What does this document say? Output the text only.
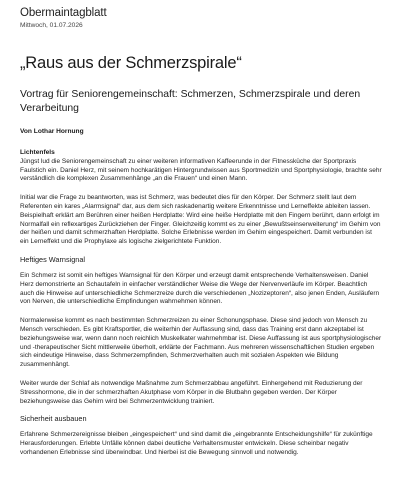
Obermaintagblatt
Mittwoch, 01.07.2026
„Raus aus der Schmerzspirale“
Vortrag für Seniorengemeinschaft: Schmerzen, Schmerzspirale und deren Verarbeitung
Von Lothar Hornung
Lichtenfels

Jüngst lud die Seniorengemeinschaft zu einer weiteren informativen Kaffeerunde in der Fitnessküche der Sportpraxis Faulstich ein. Daniel Herz, mit seinem hochkarätigen Hintergrundwissen aus Sportmedizin und Sportphysiologie, brachte sehr verständlich die komplexen Zusammenhänge „an die Frauen“ und einen Mann.

Initial war die Frage zu beantworten, was ist Schmerz, was bedeutet dies für den Körper. Der Schmerz stellt laut dem Referenten ein kares „Alarmsignal“ dar, aus dem sich raskadenartig weitere Erkenntnisse und Lerneffekte ableiten lassen. Beispielhaft erklärt am Berühren einer heißen Herdplatte: Wird eine heiße Herdplatte mit den Fingern berührt, dann erfolgt im Normalfall ein reflexartiges Zurückziehen der Finger. Gleichzeitig kommt es zu einer „Bewußtseinserweiterung“ im Gehirn von der heißen und damit schmerzhaften Herdplatte. Solche Erlebnisse werden im Gehirn eingespeichert. Damit verbunden ist ein Lerneffekt und die Prophylaxe als logische zielgerichtete Funktion.

Heftiges Warnsignal

Ein Schmerz ist somit ein heftiges Warnsignal für den Körper und erzeugt damit entsprechende Verhaltensweisen. Daniel Herz demonstrierte an Schautafeln in einfacher verständlicher Weise die Wege der Nervenverläufe im Körper. Beachtlich auch die Hinweise auf unterschiedliche Schmerzreize durch die verschiedenen „Nozizeptoren“, also jenen Enden, Ausläufern von Nerven, die unterschiedliche Empfindungen wahrnehmen können.

Normalerweise kommt es nach bestimmten Schmerzreizen zu einer Schonungsphase. Diese sind jedoch von Mensch zu Mensch verschieden. Es gibt Kraftsportler, die weiterhin der Auffassung sind, dass das Training erst dann akzeptabel ist beziehungsweise war, wenn dann noch reichlich Muskelkater wahrnehmbar ist. Diese Auffassung ist aus sportphysiologischer und -therapeutischer Sicht mittlerweile überholt, erklärte der Fachmann. Aus mehreren wissenschaftlichen Studien ergeben sich eindeutige Hinweise, dass Schmerzempfinden, Schmerzverhalten auch mit sozialen Aspekten wie Bildung zusammenhängt.

Weiter wurde der Schlaf als notwendige Maßnahme zum Schmerzabbau angeführt. Einhergehend mit Reduzierung der Stresshormone, die in der schmerzhaften Akutphase vom Körper in die Blutbahn gegeben werden. Der Körper beziehungsweise das Gehirn wird bei Schmerzentwicklung trainiert.

Sicherheit ausbauen

Erfahrene Schmerzereignisse bleiben „eingespeichert“ und sind damit die „eingebrannte Entscheidungshilfe“ für zukünftige Herausforderungen. Erlebte Unfälle können dabei deutliche Verhaltensmuster entwickeln. Diese scheinbar negativ vorhandenen Erlebnisse sind überwindbar. Und hierbei ist die Bewegung sinnvoll und notwendig.
